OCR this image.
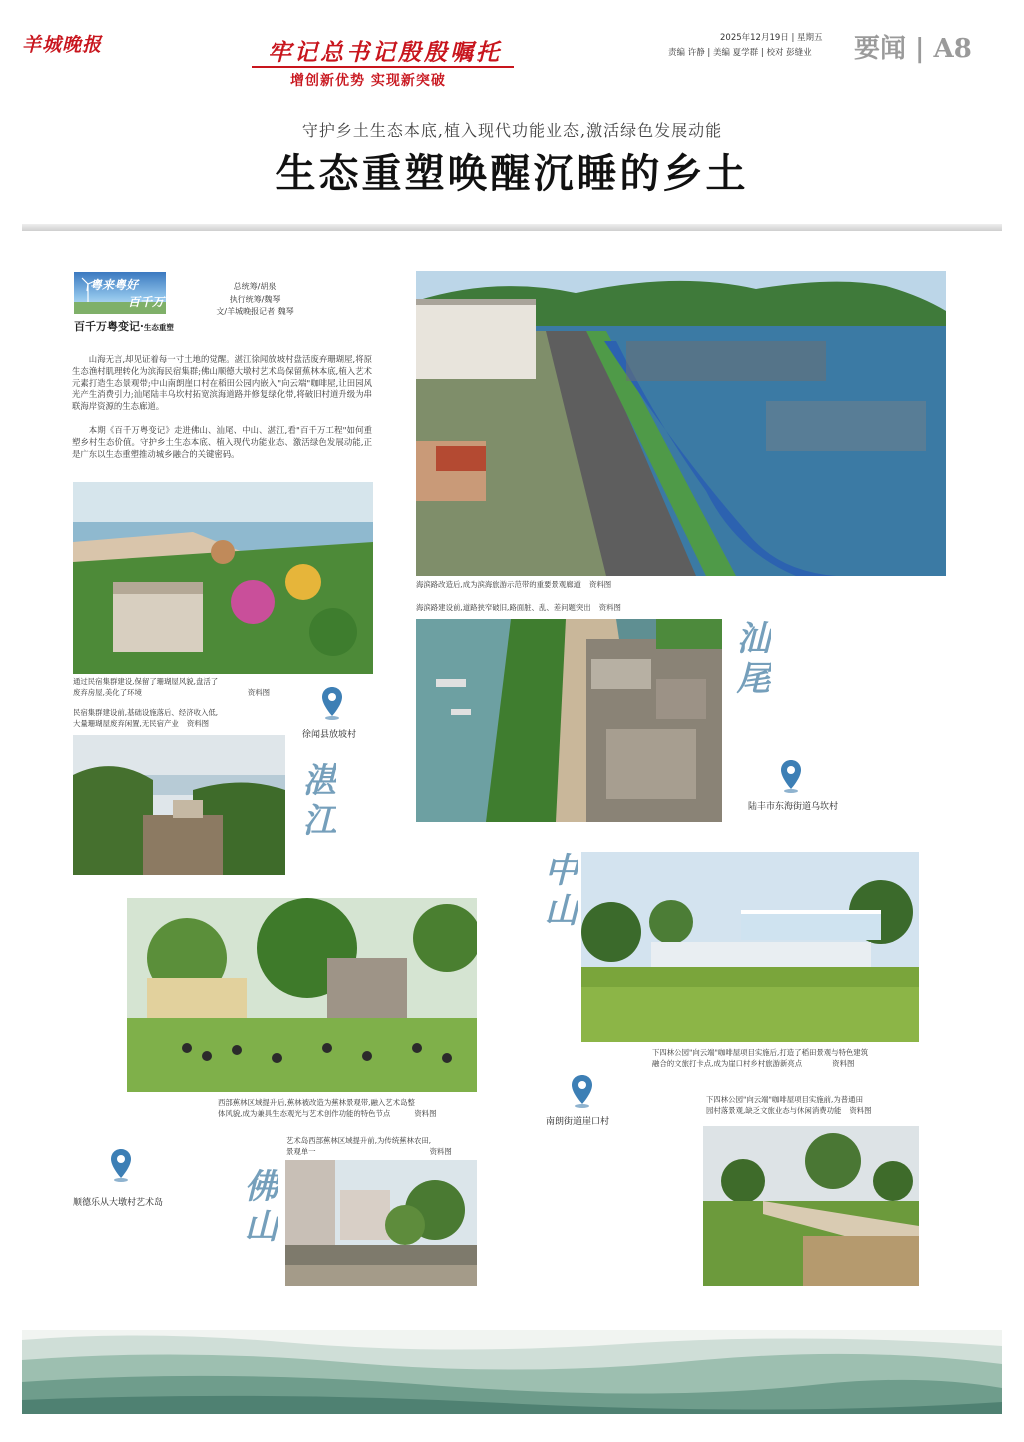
羊城晚报	牢记总书记殷殷嘱托
增创新优势 实现新突破
2025年12月19日 | 星期五
责编 许静 | 美编 夏学群 | 校对 彭缝业 要闻 | A8
守护乡土生态本底,植入现代功能业态,激活绿色发展动能
生态重塑唤醒沉睡的乡土
粤来粤好
百千万
百千万粤变记·生态重塑
总统筹/胡泉
执行统筹/魏琴
文/羊城晚报记者 魏琴

山海无言,却见证着每一寸土地的觉醒。湛江徐闻放坡村盘活废弃珊瑚屋,将原生态渔村肌理转化为滨海民宿集群;佛山顺德大墩村艺术岛保留蕉林本底,植入艺术元素打造生态景观带;中山南朗崖口村在稻田公园内嵌入"向云端"咖啡屋,让田园风光产生消费引力;汕尾陆丰乌坎村拓宽滨海道路并修复绿化带,将破旧村道升级为串联海岸资源的生态廊道。

本期《百千万粤变记》走进佛山、汕尾、中山、湛江,看"百千万工程"如何重塑乡村生态价值。守护乡土生态本底、植入现代功能业态、激活绿色发展动能,正是广东以生态重塑推动城乡融合的关键密码。

海滨路改造后,成为滨海旅游示范带的重要景观廊道 资料图

海滨路建设前,道路狭窄破旧,路面脏、乱、差问题突出 资料图

通过民宿集群建设,保留了珊瑚屋风貌,盘活了
废弃房屋,美化了环境	资料图

民宿集群建设前,基础设施落后、经济收入低,
大量珊瑚屋废弃闲置,无民宿产业 资料图

下四林公园"向云端"咖啡屋项目实施后,打造了稻田景观与特色建筑
融合的文旅打卡点,成为崖口村乡村旅游新亮点	资料图

下四林公园"向云端"咖啡屋项目实施前,为普通田
园村落景观,缺乏文旅业态与休闲消费功能 资料图

西部蕉林区域提升后,蕉林被改造为蕉林景观带,融入艺术岛整
体风貌,成为兼具生态观光与艺术创作功能的特色节点	资料图

艺术岛西部蕉林区域提升前,为传统蕉林农田,
景观单一	资料图

汕尾
湛江
中山
佛山
徐闻县放坡村
陆丰市东海街道乌坎村
南朗街道崖口村
顺德乐从大墩村艺术岛
